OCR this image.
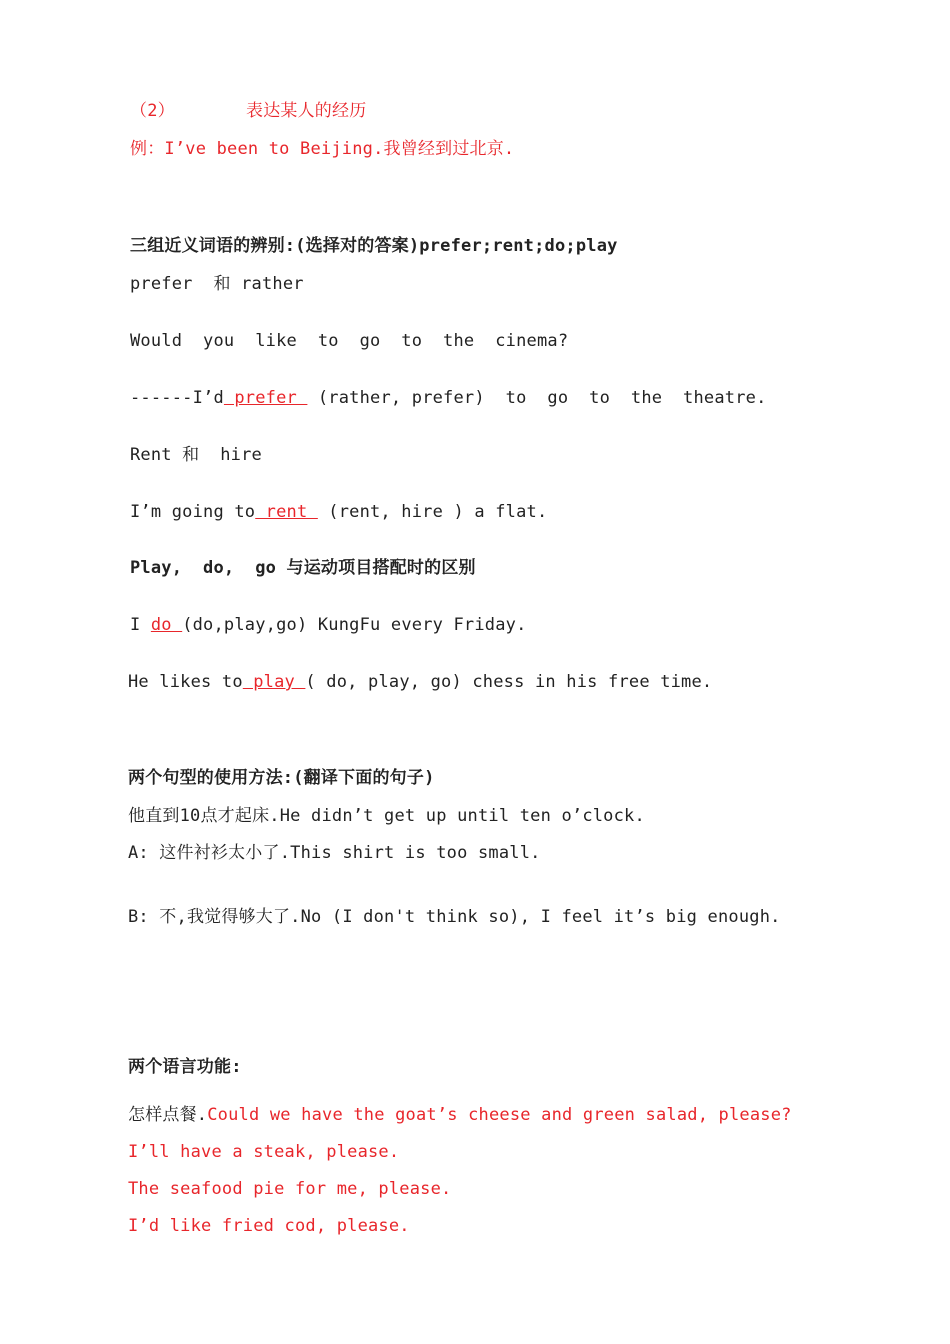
（2）	表达某人的经历
例：I’ve been to Beijing.我曾经到过北京.
三组近义词语的辨别:(选择对的答案)prefer;rent;do;play
prefer  和 rather
Would  you  like  to  go  to  the  cinema?
------I’d prefer  (rather, prefer)  to  go  to  the  theatre.
Rent 和  hire
I’m going to rent  (rent, hire ) a flat.
Play,  do,  go 与运动项目搭配时的区别
I do (do,play,go) KungFu every Friday.
He likes to play ( do, play, go) chess in his free time.
两个句型的使用方法:(翻译下面的句子)
他直到10点才起床.He didn’t get up until ten o’clock.
A: 这件衬衫太小了.This shirt is too small.
B: 不,我觉得够大了.No (I don't think so), I feel it’s big enough.
两个语言功能:
怎样点餐.Could we have the goat’s cheese and green salad, please?
I’ll have a steak, please.
The seafood pie for me, please.
I’d like fried cod, please.
